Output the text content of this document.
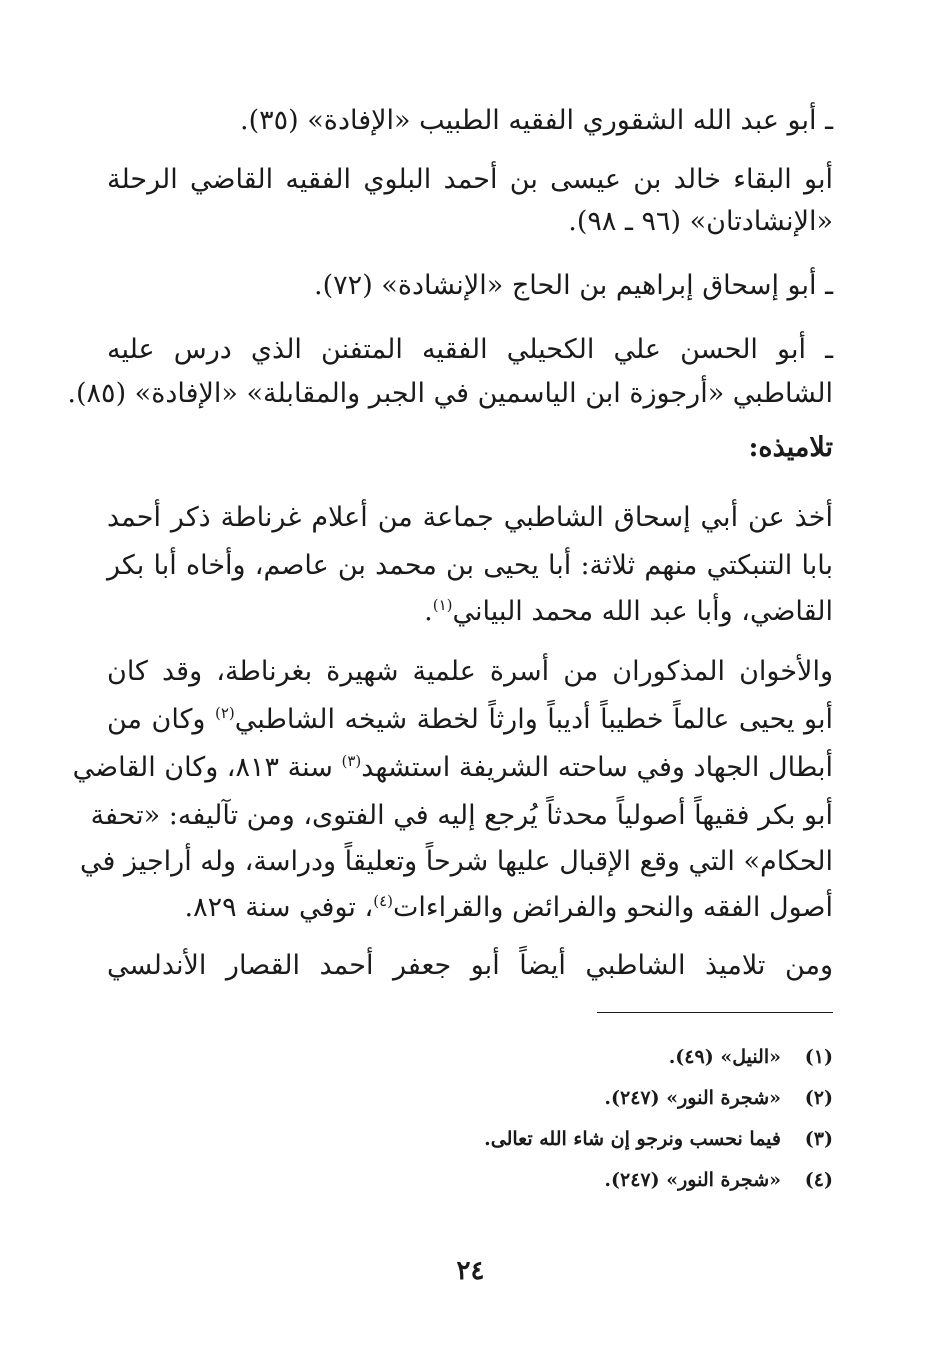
ـ أبو عبد الله الشقوري الفقيه الطبيب «الإفادة» (٣٥).
أبو البقاء خالد بن عيسى بن أحمد البلوي الفقيه القاضي الرحلة
«الإنشادتان» (٩٦ ـ ٩٨).
ـ أبو إسحاق إبراهيم بن الحاج «الإنشادة» (٧٢).
ـ أبو الحسن علي الكحيلي الفقيه المتفنن الذي درس عليه
الشاطبي «أرجوزة ابن الياسمين في الجبر والمقابلة» «الإفادة» (٨٥).
تلاميذه:
أخذ عن أبي إسحاق الشاطبي جماعة من أعلام غرناطة ذكر أحمد
بابا التنبكتي منهم ثلاثة: أبا يحيى بن محمد بن عاصم، وأخاه أبا بكر
القاضي، وأبا عبد الله محمد البياني$^{(١)}$.
والأخوان المذكوران من أسرة علمية شهيرة بغرناطة، وقد كان
أبو يحيى عالماً خطيباً أديباً وارثاً لخطة شيخه الشاطبي$^{(٢)}$ وكان من
أبطال الجهاد وفي ساحته الشريفة استشهد$^{(٣)}$ سنة ٨١٣، وكان القاضي
أبو بكر فقيهاً أصولياً محدثاً يُرجع إليه في الفتوى، ومن تآليفه: «تحفة
الحكام» التي وقع الإقبال عليها شرحاً وتعليقاً ودراسة، وله أراجيز في
أصول الفقه والنحو والفرائض والقراءات$^{(٤)}$، توفي سنة ٨٢٩.
ومن تلاميذ الشاطبي أيضاً أبو جعفر أحمد القصار الأندلسي
(١)«النيل» (٤٩).
(٢)«شجرة النور» (٢٤٧).
(٣)فيما نحسب ونرجو إن شاء الله تعالى.
(٤)«شجرة النور» (٢٤٧).
٢٤
